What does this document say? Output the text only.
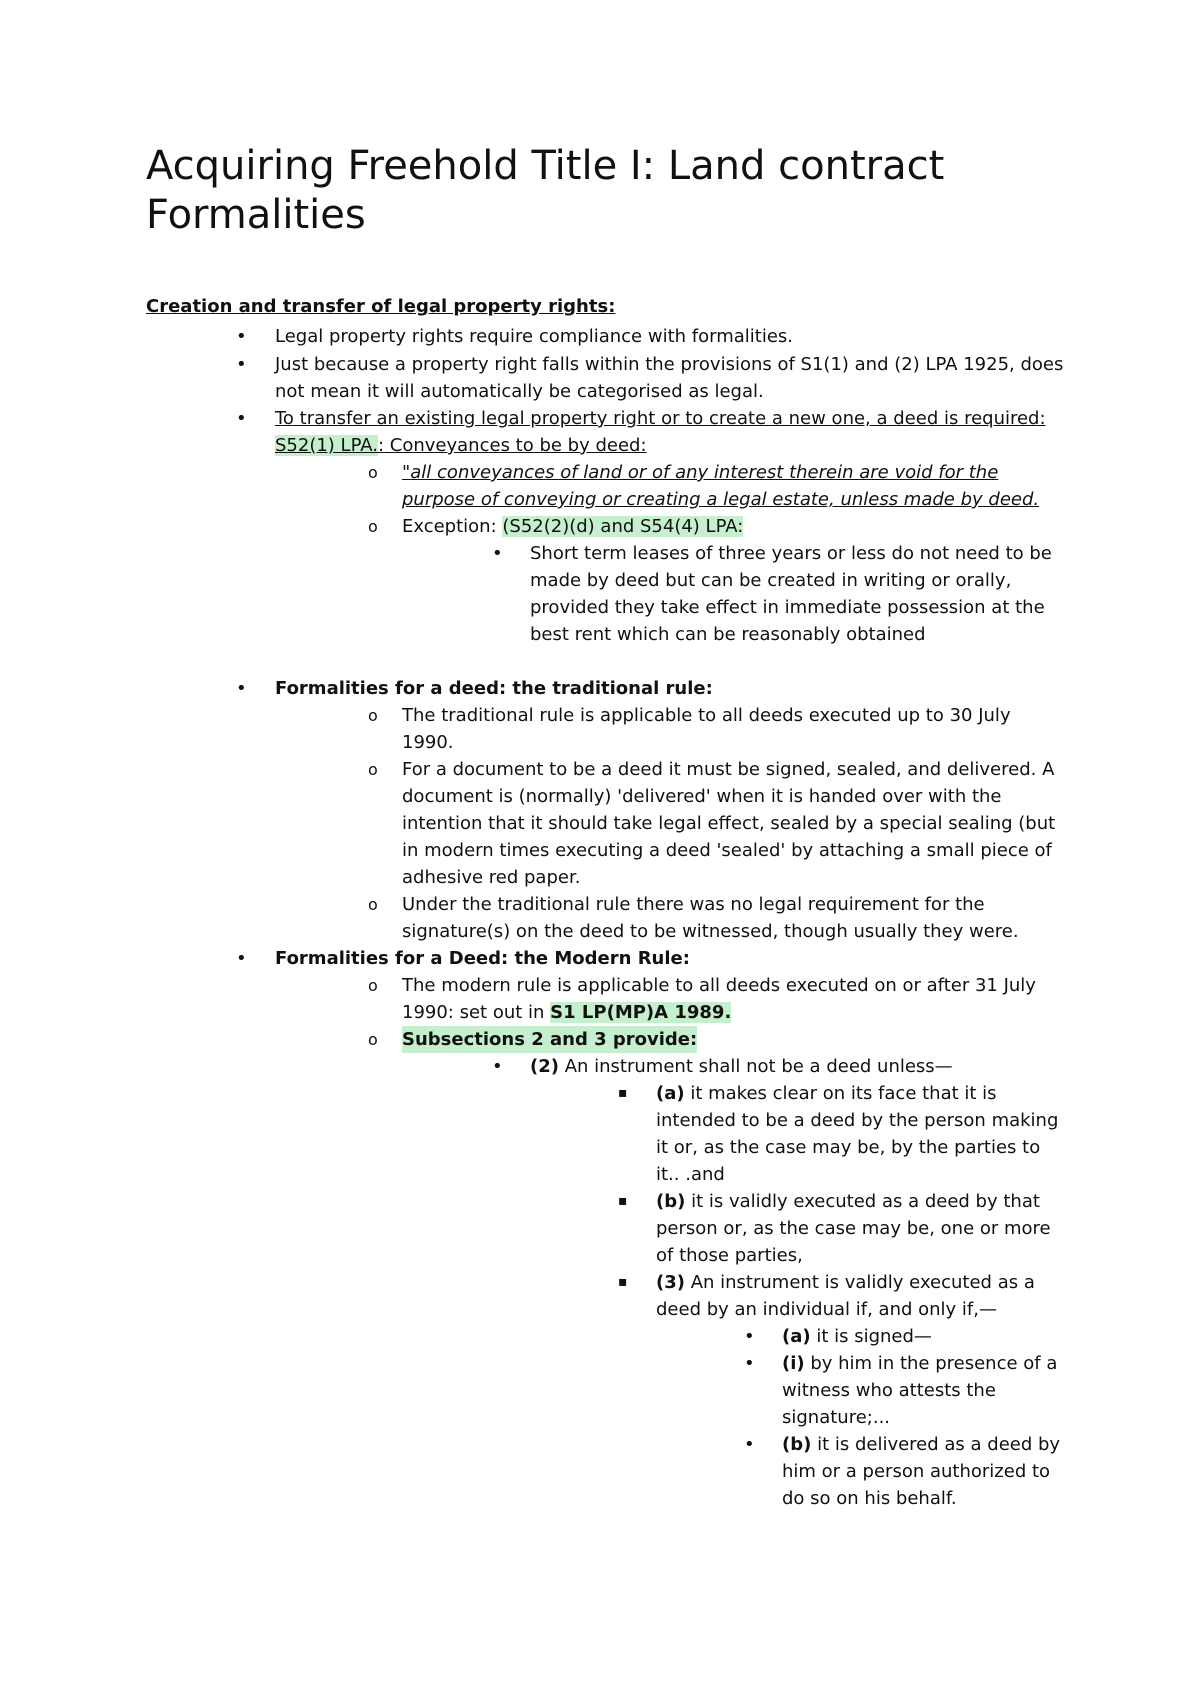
Acquiring Freehold Title I: Land contract Formalities
Creation and transfer of legal property rights:
• Legal property rights require compliance with formalities.
• Just because a property right falls within the provisions of S1(1) and (2) LPA 1925, does
not mean it will automatically be categorised as legal.
• To transfer an existing legal property right or to create a new one, a deed is required:
S52(1) LPA.: Conveyances to be by deed:
o "all conveyances of land or of any interest therein are void for the
purpose of conveying or creating a legal estate, unless made by deed.
o Exception: (S52(2)(d) and S54(4) LPA:
• Short term leases of three years or less do not need to be
made by deed but can be created in writing or orally,
provided they take effect in immediate possession at the
best rent which can be reasonably obtained
• Formalities for a deed: the traditional rule:
o The traditional rule is applicable to all deeds executed up to 30 July
1990.
o For a document to be a deed it must be signed, sealed, and delivered. A
document is (normally) 'delivered' when it is handed over with the
intention that it should take legal effect, sealed by a special sealing (but
in modern times executing a deed 'sealed' by attaching a small piece of
adhesive red paper.
o Under the traditional rule there was no legal requirement for the
signature(s) on the deed to be witnessed, though usually they were.
• Formalities for a Deed: the Modern Rule:
o The modern rule is applicable to all deeds executed on or after 31 July
1990: set out in S1 LP(MP)A 1989.
o Subsections 2 and 3 provide:
• (2) An instrument shall not be a deed unless—
▪ (a) it makes clear on its face that it is
intended to be a deed by the person making
it or, as the case may be, by the parties to
it.. .and
▪ (b) it is validly executed as a deed by that
person or, as the case may be, one or more
of those parties,
▪ (3) An instrument is validly executed as a
deed by an individual if, and only if,—
• (a) it is signed—
• (i) by him in the presence of a
witness who attests the
signature;...
• (b) it is delivered as a deed by
him or a person authorized to
do so on his behalf.
